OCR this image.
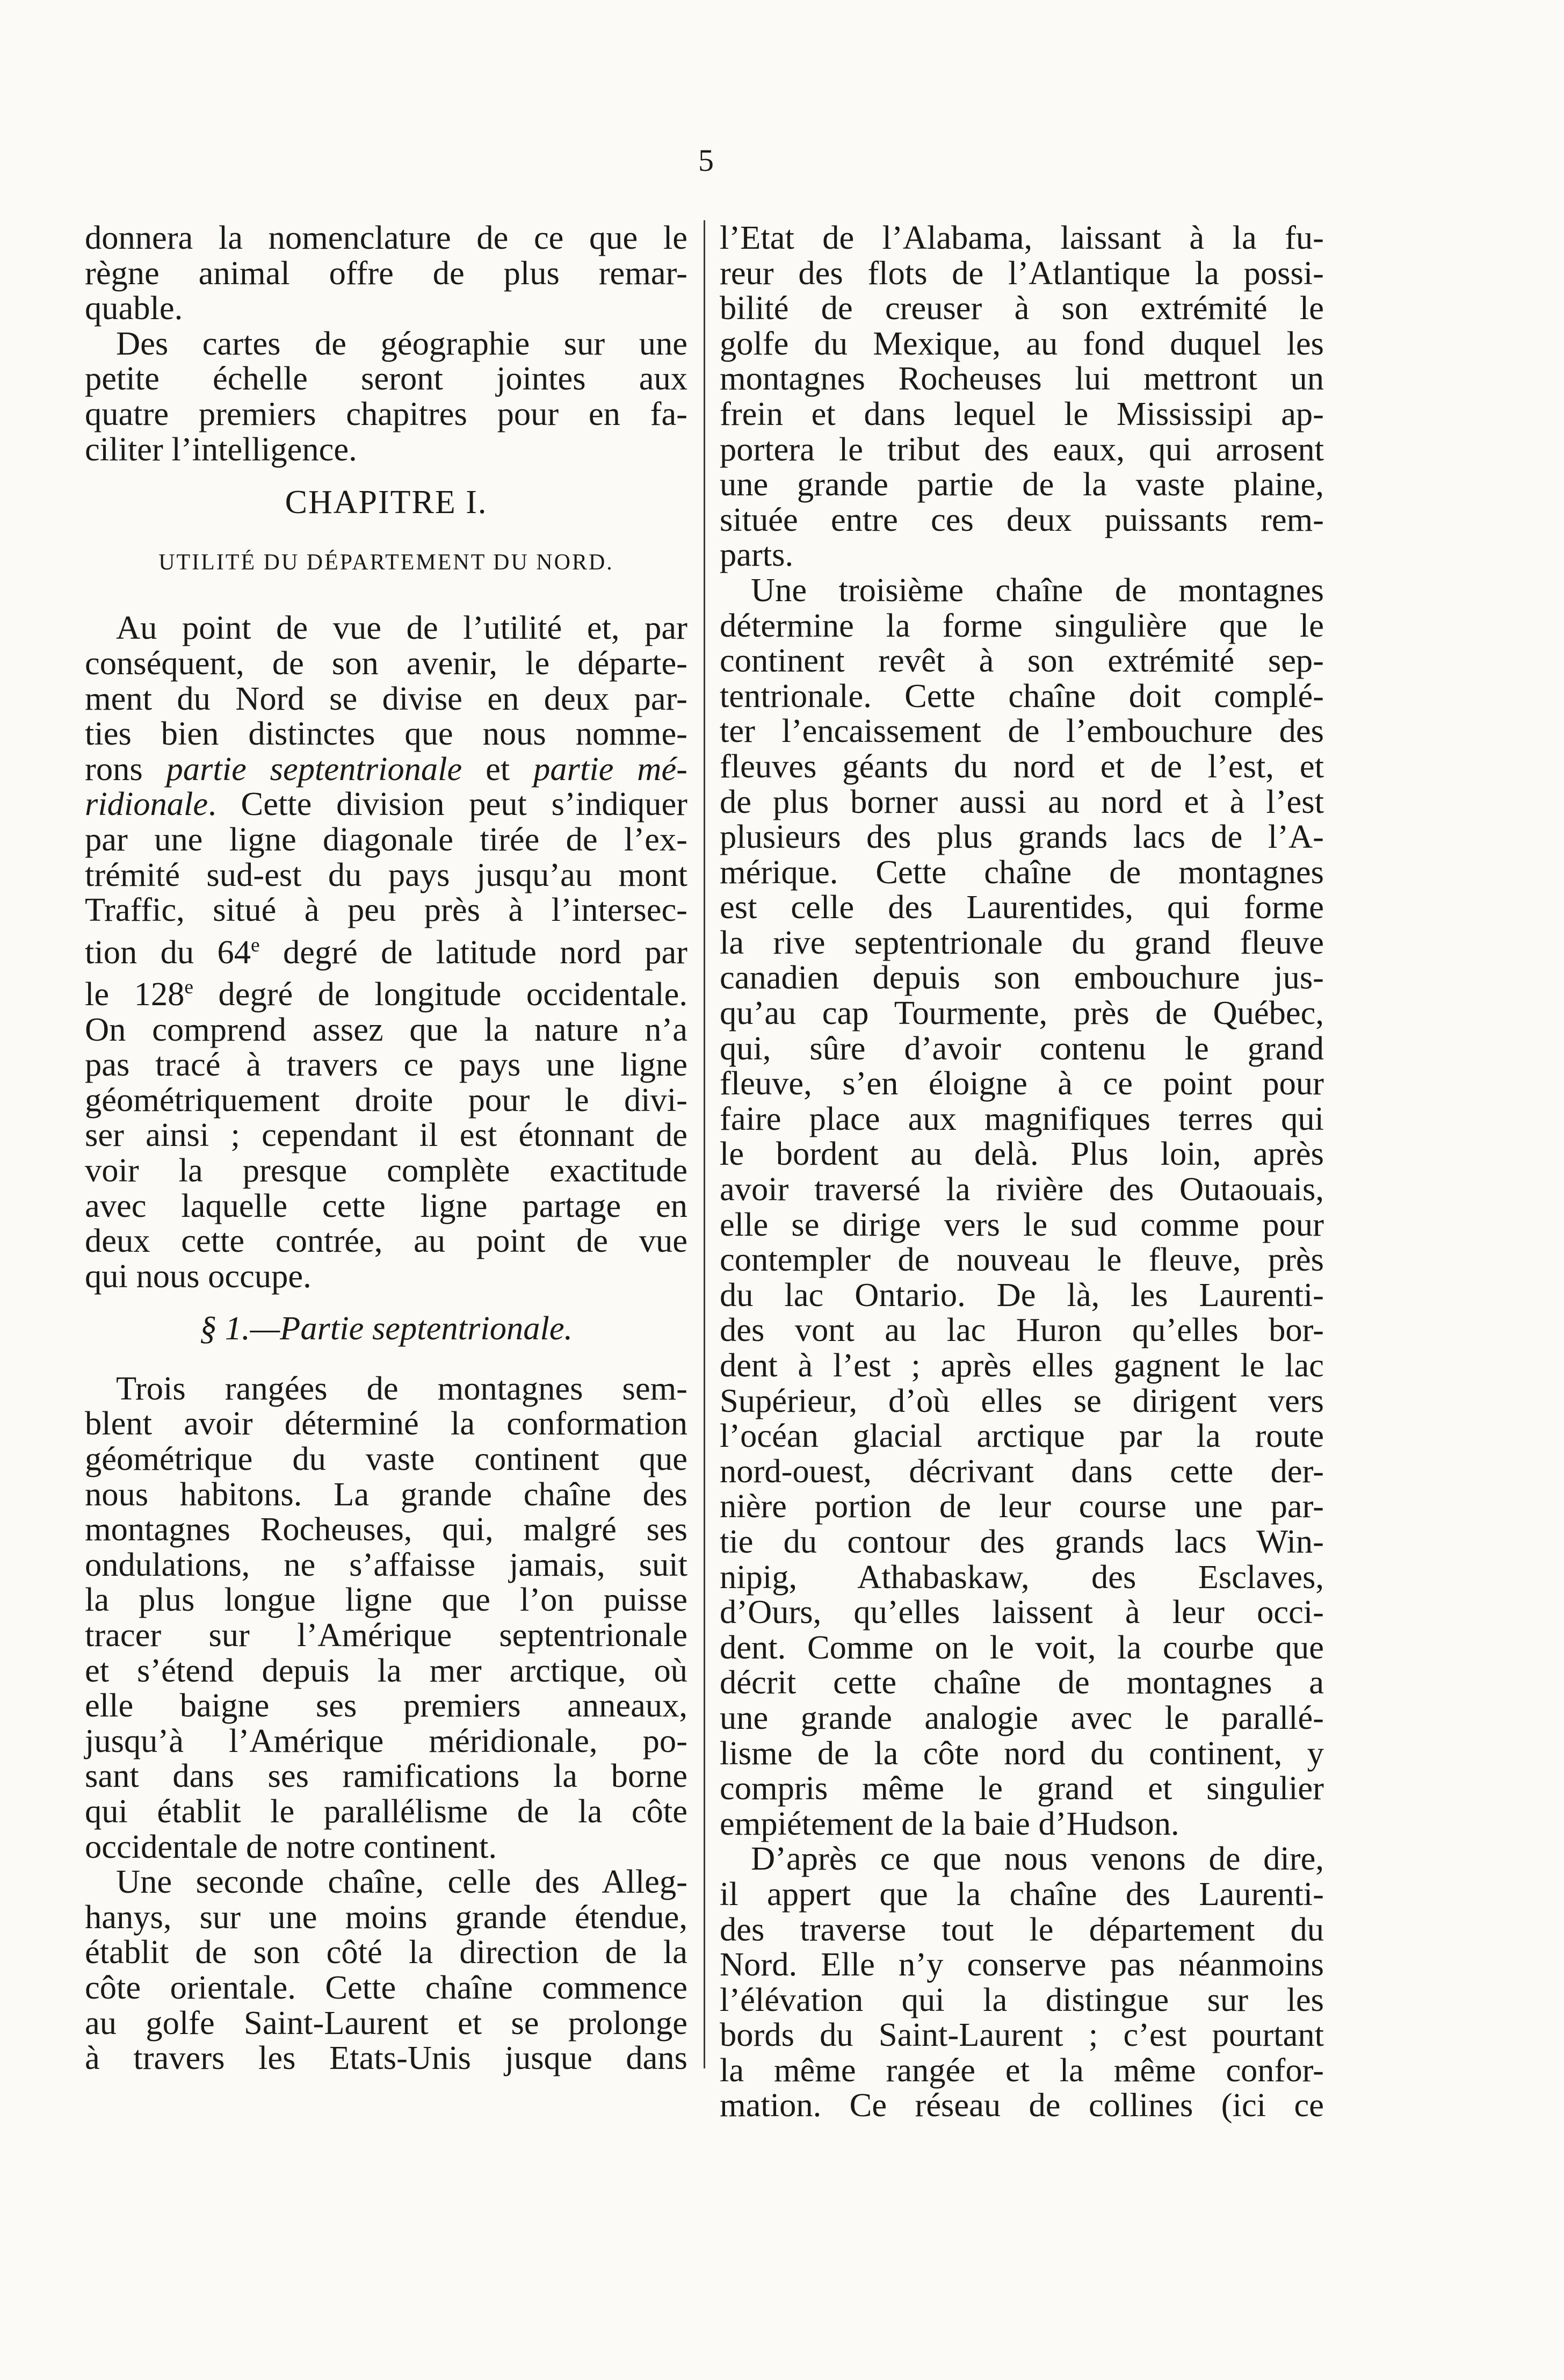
5
donnera la nomenclature de ce que le
règne animal offre de plus remar-
quable.
Des cartes de géographie sur une
petite échelle seront jointes aux
quatre premiers chapitres pour en fa-
ciliter l’intelligence.
CHAPITRE I.
UTILITÉ DU DÉPARTEMENT DU NORD.
Au point de vue de l’utilité et, par
conséquent, de son avenir, le départe-
ment du Nord se divise en deux par-
ties bien distinctes que nous nomme-
rons partie septentrionale et partie mé-
ridionale. Cette division peut s’indiquer
par une ligne diagonale tirée de l’ex-
trémité sud-est du pays jusqu’au mont
Traffic, situé à peu près à l’intersec-
tion du 64e degré de latitude nord par
le 128e degré de longitude occidentale.
On comprend assez que la nature n’a
pas tracé à travers ce pays une ligne
géométriquement droite pour le divi-
ser ainsi ; cependant il est étonnant de
voir la presque complète exactitude
avec laquelle cette ligne partage en
deux cette contrée, au point de vue
qui nous occupe.
§ 1.—Partie septentrionale.
Trois rangées de montagnes sem-
blent avoir déterminé la conformation
géométrique du vaste continent que
nous habitons. La grande chaîne des
montagnes Rocheuses, qui, malgré ses
ondulations, ne s’affaisse jamais, suit
la plus longue ligne que l’on puisse
tracer sur l’Amérique septentrionale
et s’étend depuis la mer arctique, où
elle baigne ses premiers anneaux,
jusqu’à l’Amérique méridionale, po-
sant dans ses ramifications la borne
qui établit le parallélisme de la côte
occidentale de notre continent.
Une seconde chaîne, celle des Alleg-
hanys, sur une moins grande étendue,
établit de son côté la direction de la
côte orientale. Cette chaîne commence
au golfe Saint-Laurent et se prolonge
à travers les Etats-Unis jusque dans
l’Etat de l’Alabama, laissant à la fu-
reur des flots de l’Atlantique la possi-
bilité de creuser à son extrémité le
golfe du Mexique, au fond duquel les
montagnes Rocheuses lui mettront un
frein et dans lequel le Mississipi ap-
portera le tribut des eaux, qui arrosent
une grande partie de la vaste plaine,
située entre ces deux puissants rem-
parts.
Une troisième chaîne de montagnes
détermine la forme singulière que le
continent revêt à son extrémité sep-
tentrionale. Cette chaîne doit complé-
ter l’encaissement de l’embouchure des
fleuves géants du nord et de l’est, et
de plus borner aussi au nord et à l’est
plusieurs des plus grands lacs de l’A-
mérique. Cette chaîne de montagnes
est celle des Laurentides, qui forme
la rive septentrionale du grand fleuve
canadien depuis son embouchure jus-
qu’au cap Tourmente, près de Québec,
qui, sûre d’avoir contenu le grand
fleuve, s’en éloigne à ce point pour
faire place aux magnifiques terres qui
le bordent au delà. Plus loin, après
avoir traversé la rivière des Outaouais,
elle se dirige vers le sud comme pour
contempler de nouveau le fleuve, près
du lac Ontario. De là, les Laurenti-
des vont au lac Huron qu’elles bor-
dent à l’est ; après elles gagnent le lac
Supérieur, d’où elles se dirigent vers
l’océan glacial arctique par la route
nord-ouest, décrivant dans cette der-
nière portion de leur course une par-
tie du contour des grands lacs Win-
nipig, Athabaskaw, des Esclaves,
d’Ours, qu’elles laissent à leur occi-
dent. Comme on le voit, la courbe que
décrit cette chaîne de montagnes a
une grande analogie avec le parallé-
lisme de la côte nord du continent, y
compris même le grand et singulier
empiétement de la baie d’Hudson.
D’après ce que nous venons de dire,
il appert que la chaîne des Laurenti-
des traverse tout le département du
Nord. Elle n’y conserve pas néanmoins
l’élévation qui la distingue sur les
bords du Saint-Laurent ; c’est pourtant
la même rangée et la même confor-
mation. Ce réseau de collines (ici ce
